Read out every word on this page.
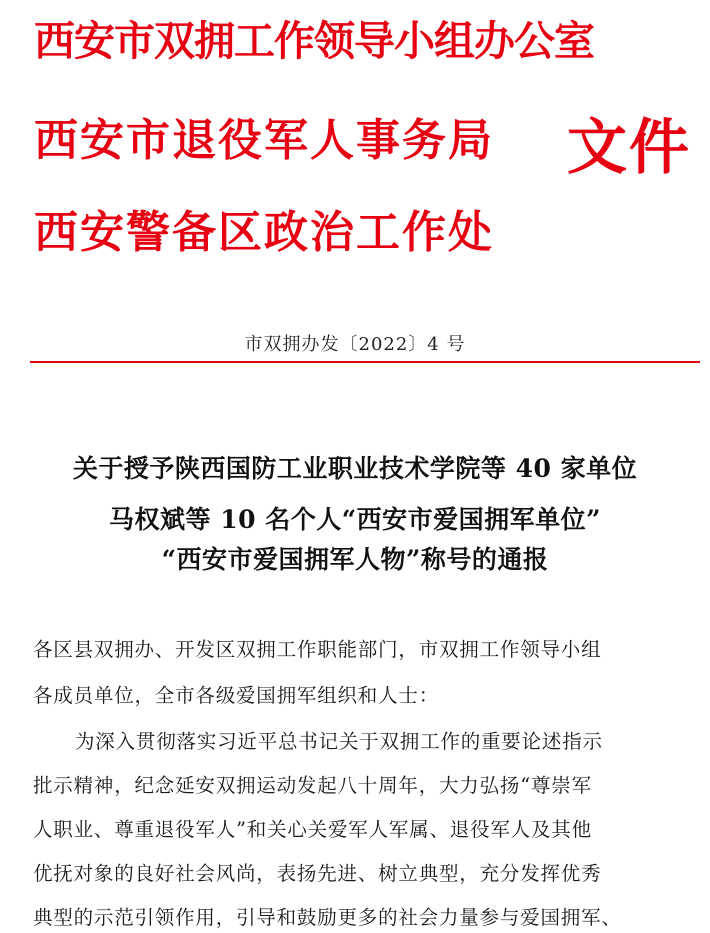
西安市双拥工作领导小组办公室
西安市退役军人事务局
西安警备区政治工作处
文件
市双拥办发〔2022〕4 号
关于授予陕西国防工业职业技术学院等 40 家单位
马权斌等 10 名个人“西安市爱国拥军单位”
“西安市爱国拥军人物”称号的通报
各区县双拥办、开发区双拥工作职能部门，市双拥工作领导小组
各成员单位，全市各级爱国拥军组织和人士：
为深入贯彻落实习近平总书记关于双拥工作的重要论述指示
批示精神，纪念延安双拥运动发起八十周年，大力弘扬“尊崇军
人职业、尊重退役军人”和关心关爱军人军属、退役军人及其他
优抚对象的良好社会风尚，表扬先进、树立典型，充分发挥优秀
典型的示范引领作用，引导和鼓励更多的社会力量参与爱国拥军、
